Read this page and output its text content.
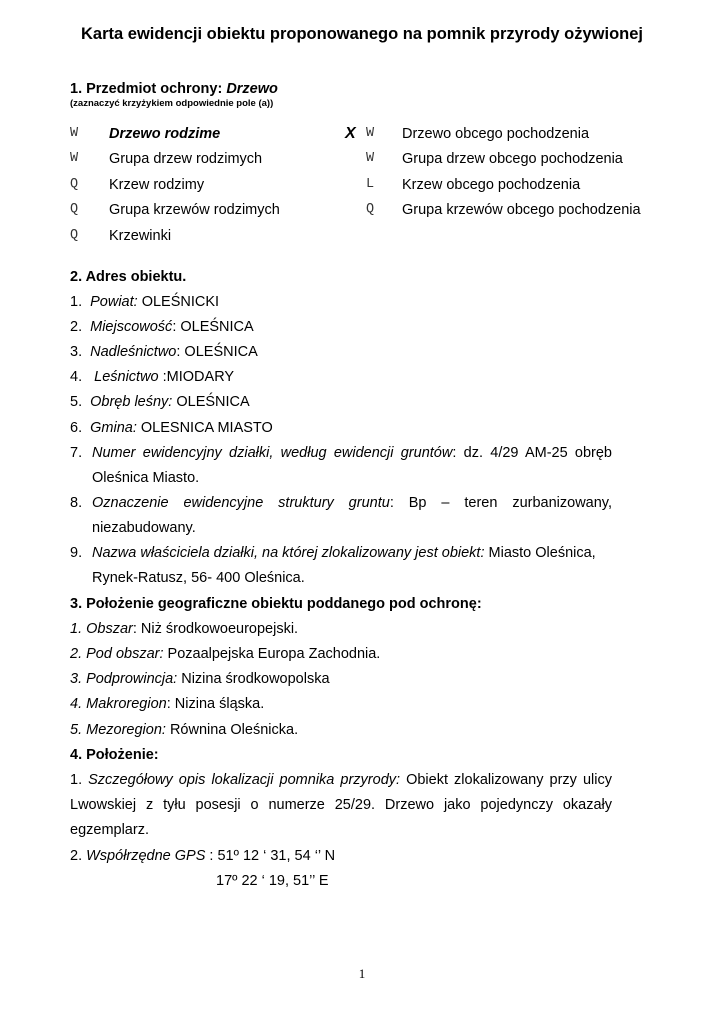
Karta ewidencji obiektu proponowanego na pomnik przyrody ożywionej
1. Przedmiot ochrony: Drzewo
(zaznaczyć krzyżykiem odpowiednie pole (a))
W Drzewo rodzime
W Grupa drzew rodzimych
Q Krzew rodzimy
Q Grupa krzewów rodzimych
Q Krzewinki
X W Drzewo obcego pochodzenia
W Grupa drzew obcego pochodzenia
L Krzew obcego pochodzenia
Q Grupa krzewów obcego pochodzenia
2. Adres obiektu.
1. Powiat: OLEŚNICKI
2. Miejscowość: OLEŚNICA
3. Nadleśnictwo: OLEŚNICA
4. Leśnictwo :MIODARY
5. Obręb leśny: OLEŚNICA
6. Gmina: OLESNICA MIASTO
7. Numer ewidencyjny działki, według ewidencji gruntów: dz. 4/29 AM-25 obręb
Oleśnica Miasto.
8. Oznaczenie ewidencyjne struktury gruntu: Bp – teren zurbanizowany,
niezabudowany.
9. Nazwa właściciela działki, na której zlokalizowany jest obiekt: Miasto Oleśnica,
Rynek-Ratusz, 56- 400 Oleśnica.
3. Położenie geograficzne obiektu poddanego pod ochronę:
1. Obszar: Niż środkowoeuropejski.
2. Pod obszar: Pozaalpejska Europa Zachodnia.
3. Podprowincja: Nizina środkowopolska
4. Makroregion: Nizina śląska.
5. Mezoregion: Równina Oleśnicka.
4. Położenie:
1. Szczegółowy opis lokalizacji pomnika przyrody: Obiekt zlokalizowany przy ulicy
Lwowskiej z tyłu posesji o numerze 25/29. Drzewo jako pojedynczy okazały
egzemplarz.
2. Współrzędne GPS : 51º 12 ‘ 31, 54 ‘’ N
17º 22 ‘ 19, 51’’ E
1
